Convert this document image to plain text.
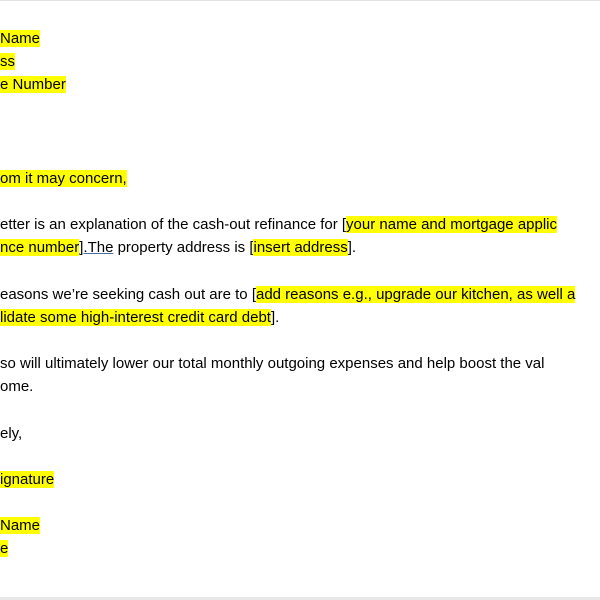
Name
ss
e Number
om it may concern,
etter is an explanation of the cash-out refinance for [your name and mortgage applic
nce number].The property address is [insert address].
easons we’re seeking cash out are to [add reasons e.g., upgrade our kitchen, as well a
lidate some high-interest credit card debt].
so will ultimately lower our total monthly outgoing expenses and help boost the val
ome.
ely,
ignature
Name
e
